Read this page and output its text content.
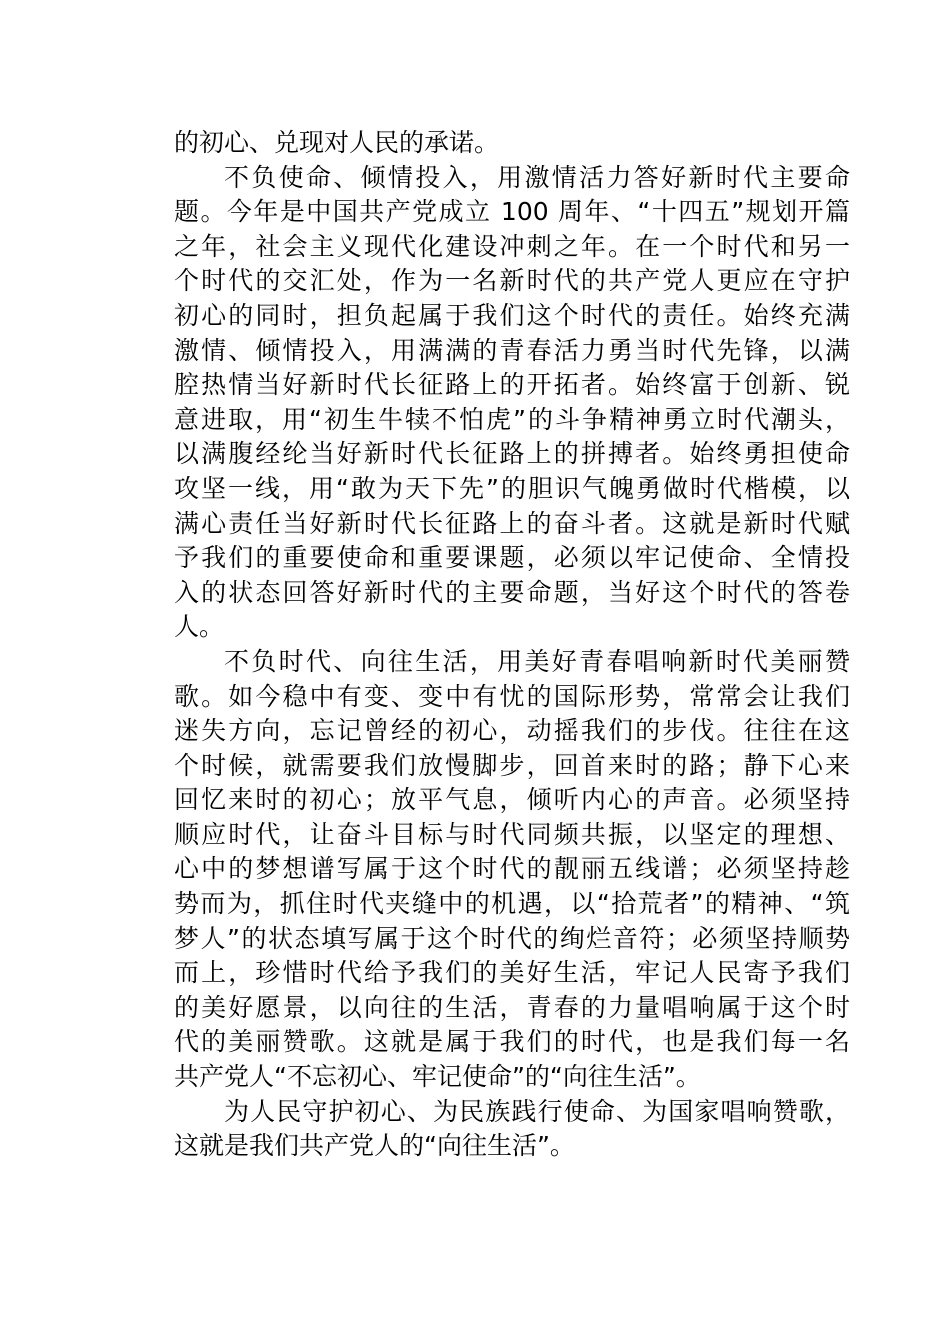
的初心、兑现对人民的承诺。
不负使命、倾情投入，用激情活力答好新时代主要命
题。今年是中国共产党成立 100 周年、“十四五”规划开篇
之年，社会主义现代化建设冲刺之年。在一个时代和另一
个时代的交汇处，作为一名新时代的共产党人更应在守护
初心的同时，担负起属于我们这个时代的责任。始终充满
激情、倾情投入，用满满的青春活力勇当时代先锋，以满
腔热情当好新时代长征路上的开拓者。始终富于创新、锐
意进取，用“初生牛犊不怕虎”的斗争精神勇立时代潮头，
以满腹经纶当好新时代长征路上的拼搏者。始终勇担使命
攻坚一线，用“敢为天下先”的胆识气魄勇做时代楷模，以
满心责任当好新时代长征路上的奋斗者。这就是新时代赋
予我们的重要使命和重要课题，必须以牢记使命、全情投
入的状态回答好新时代的主要命题，当好这个时代的答卷
人。
不负时代、向往生活，用美好青春唱响新时代美丽赞
歌。如今稳中有变、变中有忧的国际形势，常常会让我们
迷失方向，忘记曾经的初心，动摇我们的步伐。往往在这
个时候，就需要我们放慢脚步，回首来时的路；静下心来
回忆来时的初心；放平气息，倾听内心的声音。必须坚持
顺应时代，让奋斗目标与时代同频共振，以坚定的理想、
心中的梦想谱写属于这个时代的靓丽五线谱；必须坚持趁
势而为，抓住时代夹缝中的机遇，以“拾荒者”的精神、“筑
梦人”的状态填写属于这个时代的绚烂音符；必须坚持顺势
而上，珍惜时代给予我们的美好生活，牢记人民寄予我们
的美好愿景，以向往的生活，青春的力量唱响属于这个时
代的美丽赞歌。这就是属于我们的时代，也是我们每一名
共产党人“不忘初心、牢记使命”的“向往生活”。
为人民守护初心、为民族践行使命、为国家唱响赞歌，
这就是我们共产党人的“向往生活”。
